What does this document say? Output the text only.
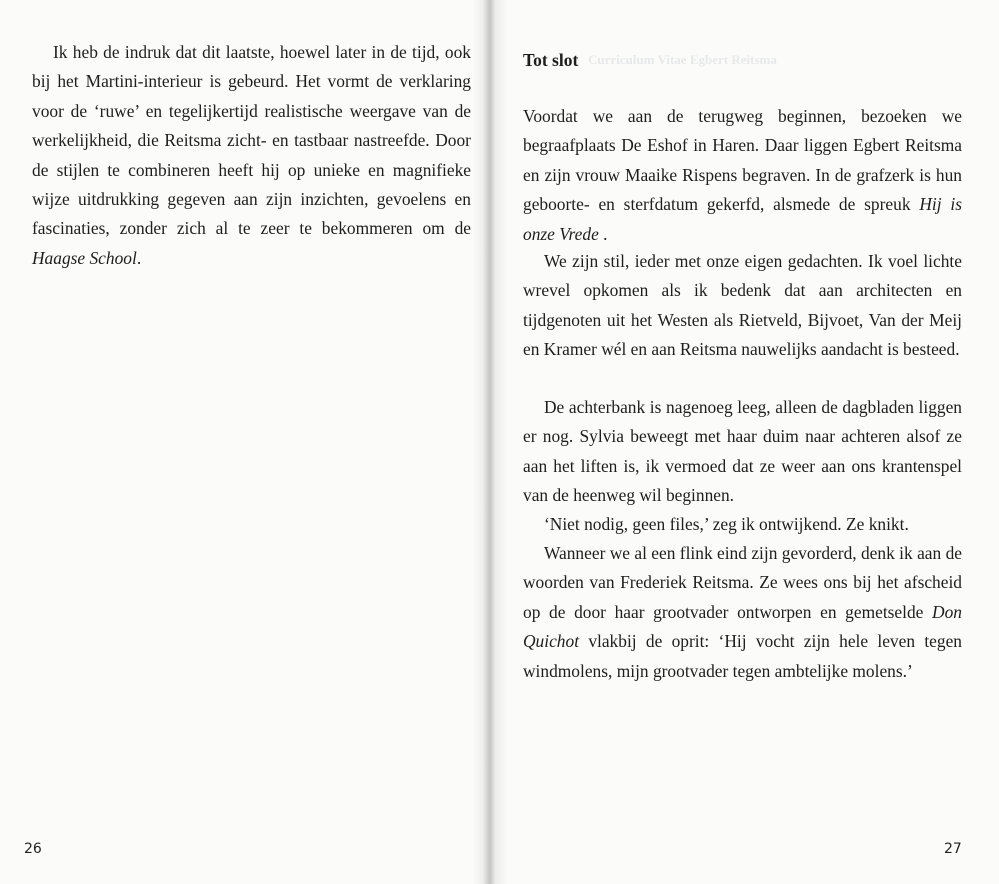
Curriculum Vitae Egbert Reitsma

Ik heb de indruk dat dit laatste, hoewel later in de tijd, ook bij het Martini-interieur is gebeurd. Het vormt de verklaring voor de ‘ruwe’ en tegelijkertijd realistische weergave van de werkelijkheid, die Reitsma zicht- en tastbaar nastreefde. Door de stijlen te combineren heeft hij op unieke en magnifieke wijze uitdrukking gegeven aan zijn inzichten, gevoelens en fascinaties, zonder zich al te zeer te bekommeren om de Haagse School.

26
Tot slot

Voordat we aan de terugweg beginnen, bezoeken we begraafplaats De Eshof in Haren. Daar liggen Egbert Reitsma en zijn vrouw Maaike Rispens begraven. In de grafzerk is hun geboorte- en sterfdatum gekerfd, alsmede de spreuk Hij is onze Vrede .

We zijn stil, ieder met onze eigen gedachten. Ik voel lichte wrevel opkomen als ik bedenk dat aan architecten en tijdgenoten uit het Westen als Rietveld, Bijvoet, Van der Meij en Kramer wél en aan Reitsma nauwelijks aandacht is besteed.

De achterbank is nagenoeg leeg, alleen de dagbladen liggen er nog. Sylvia beweegt met haar duim naar achteren alsof ze aan het liften is, ik vermoed dat ze weer aan ons krantenspel van de heenweg wil beginnen.

‘Niet nodig, geen files,’ zeg ik ontwijkend. Ze knikt.

Wanneer we al een flink eind zijn gevorderd, denk ik aan de woorden van Frederiek Reitsma. Ze wees ons bij het afscheid op de door haar grootvader ontworpen en gemetselde Don Quichot vlakbij de oprit: ‘Hij vocht zijn hele leven tegen windmolens, mijn grootvader tegen ambtelijke molens.’

27
